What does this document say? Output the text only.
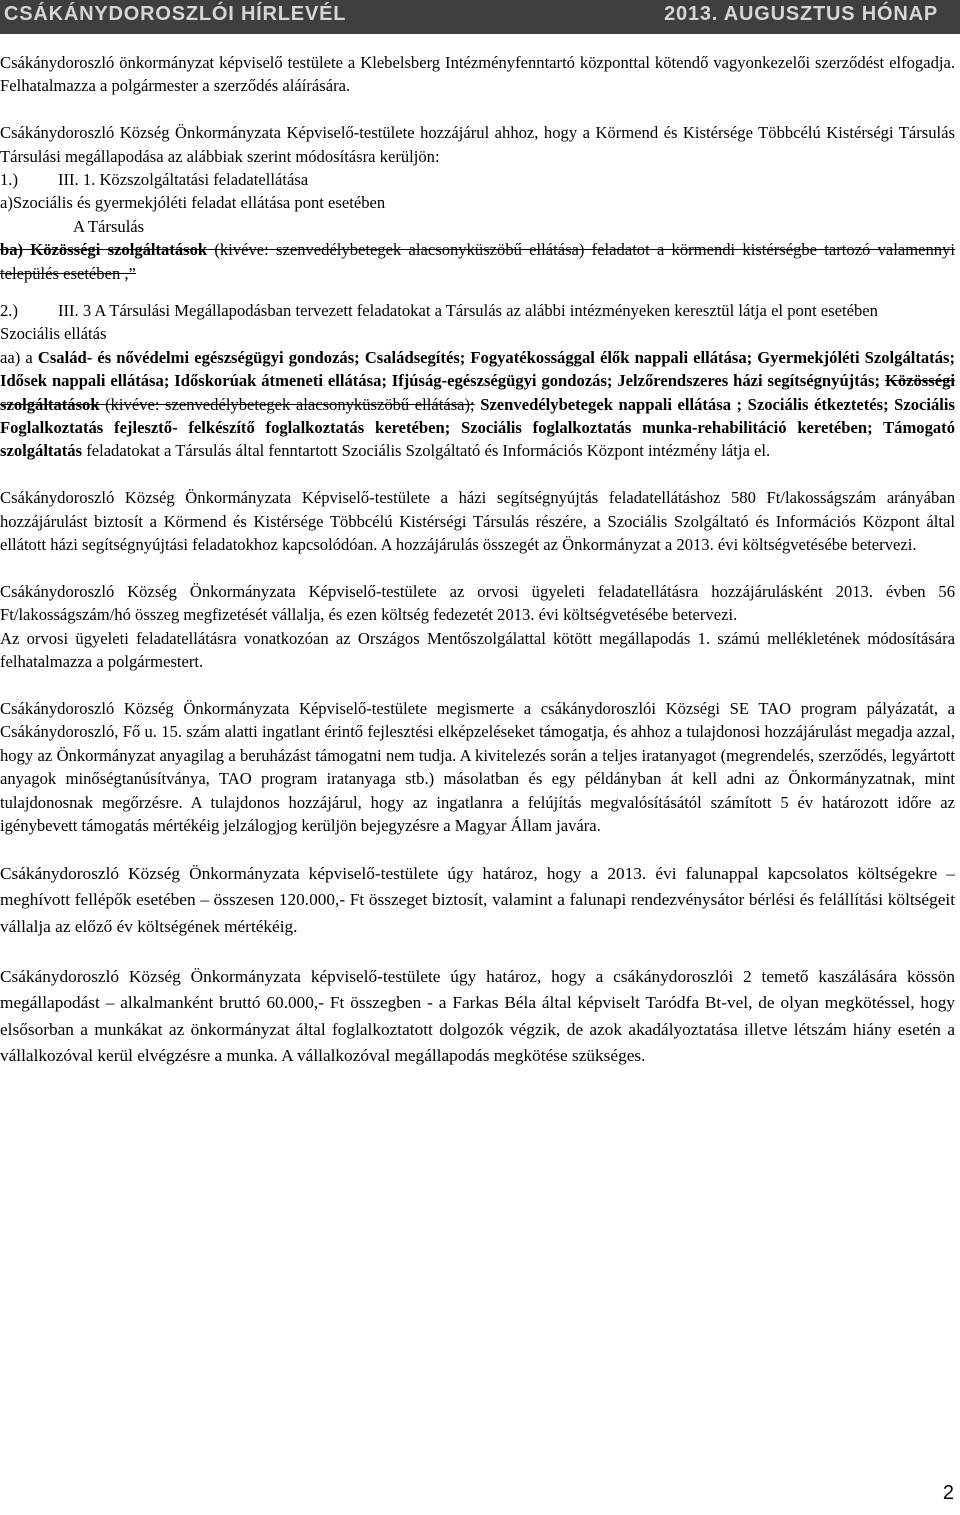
CSÁKÁNYDOROSZLÓI HÍRLEVÉL	2013. AUGUSZTUS HÓNAP

Csákánydoroszló önkormányzat képviselő testülete a Klebelsberg Intézményfenntartó központtal kötendő vagyonkezelői szerződést elfogadja. Felhatalmazza a polgármester a szerződés aláírására.

Csákánydoroszló Község Önkormányzata Képviselő-testülete hozzájárul ahhoz, hogy a Körmend és Kistérsége Többcélú Kistérségi Társulás Társulási megállapodása az alábbiak szerint módosításra kerüljön:

1.) III. 1. Közszolgáltatási feladatellátása

a)Szociális és gyermekjóléti feladat ellátása pont esetében

A Társulás

ba) Közösségi szolgáltatások (kivéve: szenvedélybetegek alacsonyküszöbű ellátása) feladatot a körmendi kistérségbe tartozó valamennyi település esetében ,”

2.) III. 3 A Társulási Megállapodásban tervezett feladatokat a Társulás az alábbi intézményeken keresztül látja el pont esetében

Szociális ellátás

aa) a Család- és nővédelmi egészségügyi gondozás; Családsegítés; Fogyatékossággal élők nappali ellátása; Gyermekjóléti Szolgáltatás; Idősek nappali ellátása; Időskorúak átmeneti ellátása; Ifjúság-egészségügyi gondozás; Jelzőrendszeres házi segítségnyújtás; Közösségi szolgáltatások (kivéve: szenvedélybetegek alacsonyküszöbű ellátása); Szenvedélybetegek nappali ellátása ; Szociális étkeztetés; Szociális Foglalkoztatás fejlesztő- felkészítő foglalkoztatás keretében; Szociális foglalkoztatás munka-rehabilitáció keretében; Támogató szolgáltatás feladatokat a Társulás által fenntartott Szociális Szolgáltató és Információs Központ intézmény látja el.

Csákánydoroszló Község Önkormányzata Képviselő-testülete a házi segítségnyújtás feladatellátáshoz 580 Ft/lakosságszám arányában hozzájárulást biztosít a Körmend és Kistérsége Többcélú Kistérségi Társulás részére, a Szociális Szolgáltató és Információs Központ által ellátott házi segítségnyújtási feladatokhoz kapcsolódóan. A hozzájárulás összegét az Önkormányzat a 2013. évi költségvetésébe betervezi.

Csákánydoroszló Község Önkormányzata Képviselő-testülete az orvosi ügyeleti feladatellátásra hozzájárulásként 2013. évben 56 Ft/lakosságszám/hó összeg megfizetését vállalja, és ezen költség fedezetét 2013. évi költségvetésébe betervezi.

Az orvosi ügyeleti feladatellátásra vonatkozóan az Országos Mentőszolgálattal kötött megállapodás 1. számú mellékletének módosítására felhatalmazza a polgármestert.

Csákánydoroszló Község Önkormányzata Képviselő-testülete megismerte a csákánydoroszlói Községi SE TAO program pályázatát, a Csákánydoroszló, Fő u. 15. szám alatti ingatlant érintő fejlesztési elképzeléseket támogatja, és ahhoz a tulajdonosi hozzájárulást megadja azzal, hogy az Önkormányzat anyagilag a beruházást támogatni nem tudja. A kivitelezés során a teljes iratanyagot (megrendelés, szerződés, legyártott anyagok minőségtanúsítványa, TAO program iratanyaga stb.) másolatban és egy példányban át kell adni az Önkormányzatnak, mint tulajdonosnak megőrzésre. A tulajdonos hozzájárul, hogy az ingatlanra a felújítás megvalósításától számított 5 év határozott időre az igénybevett támogatás mértékéig jelzálogjog kerüljön bejegyzésre a Magyar Állam javára.

Csákánydoroszló Község Önkormányzata képviselő-testülete úgy határoz, hogy a 2013. évi falunappal kapcsolatos költségekre – meghívott fellépők esetében – összesen 120.000,- Ft összeget biztosít, valamint a falunapi rendezvénysátor bérlési és felállítási költségeit vállalja az előző év költségének mértékéig.

Csákánydoroszló Község Önkormányzata képviselő-testülete úgy határoz, hogy a csákánydoroszlói 2 temető kaszálására kössön megállapodást – alkalmanként bruttó 60.000,- Ft összegben - a Farkas Béla által képviselt Taródfa Bt-vel, de olyan megkötéssel, hogy elsősorban a munkákat az önkormányzat által foglalkoztatott dolgozók végzik, de azok akadályoztatása illetve létszám hiány esetén a vállalkozóval kerül elvégzésre a munka. A vállalkozóval megállapodás megkötése szükséges.

2
